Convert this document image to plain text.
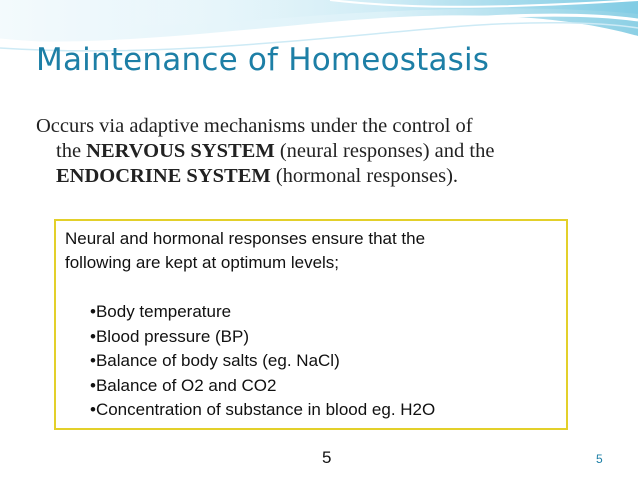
Maintenance of Homeostasis
Occurs via adaptive mechanisms under the control of
the NERVOUS SYSTEM (neural responses) and the
ENDOCRINE SYSTEM (hormonal responses).
Neural and hormonal responses ensure that the
following are kept at optimum levels;
•Body temperature
•Blood pressure (BP)
•Balance of body salts (eg. NaCl)
•Balance of O2 and CO2
•Concentration of substance in blood eg. H2O
5	5
